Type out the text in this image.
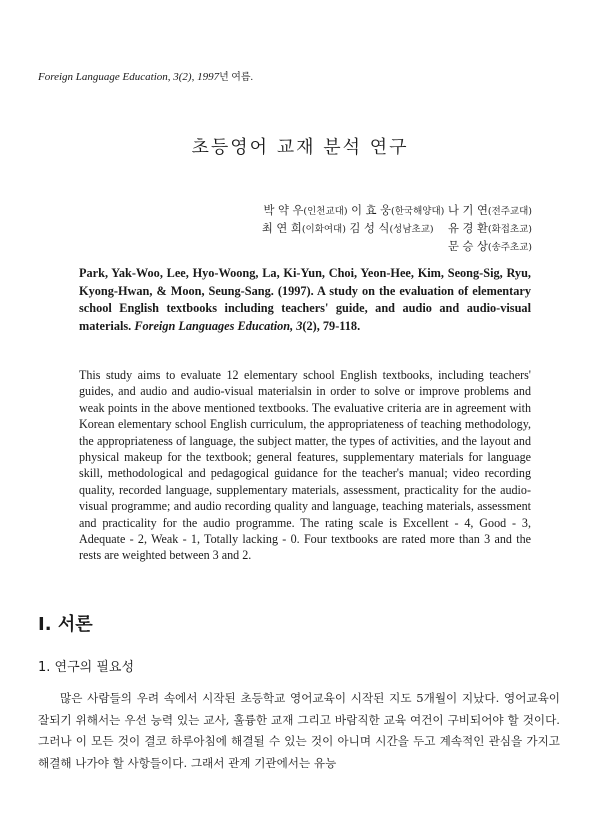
Foreign Language Education, 3(2), 1997년 여름.
초등영어 교재 분석 연구
박 약 우(인천교대) 이 효 웅(한국해양대) 나 기 연(전주교대)
최 연 희(이화여대) 김 성 식(성남초교) 유 경 환(화접초교)
문 승 상(송주초교)
Park, Yak-Woo, Lee, Hyo-Woong, La, Ki-Yun, Choi, Yeon-Hee, Kim, Seong-Sig, Ryu, Kyong-Hwan, & Moon, Seung-Sang. (1997). A study on the evaluation of elementary school English textbooks including teachers' guide, and audio and audio-visual materials. Foreign Languages Education, 3(2), 79-118.
This study aims to evaluate 12 elementary school English textbooks, including teachers' guides, and audio and audio-visual materialsin in order to solve or improve problems and weak points in the above mentioned textbooks. The evaluative criteria are in agreement with Korean elementary school English curriculum, the appropriateness of teaching methodology, the appropriateness of language, the subject matter, the types of activities, and the layout and physical makeup for the textbook; general features, supplementary materials for language skill, methodological and pedagogical guidance for the teacher's manual; video recording quality, recorded language, supplementary materials, assessment, practicality for the audio-visual programme; and audio recording quality and language, teaching materials, assessment and practicality for the audio programme. The rating scale is Excellent - 4, Good - 3, Adequate - 2, Weak - 1, Totally lacking - 0. Four textbooks are rated more than 3 and the rests are weighted between 3 and 2.
I. 서론
1. 연구의 필요성
많은 사람들의 우려 속에서 시작된 초등학교 영어교육이 시작된 지도 5개월이 지났다. 영어교육이 잘되기 위해서는 우선 능력 있는 교사, 훌륭한 교재 그리고 바람직한 교육 여건이 구비되어야 할 것이다. 그러나 이 모든 것이 결코 하루아침에 해결될 수 있는 것이 아니며 시간을 두고 계속적인 관심을 가지고 해결해 나가야 할 사항들이다. 그래서 관계 기관에서는 유능
